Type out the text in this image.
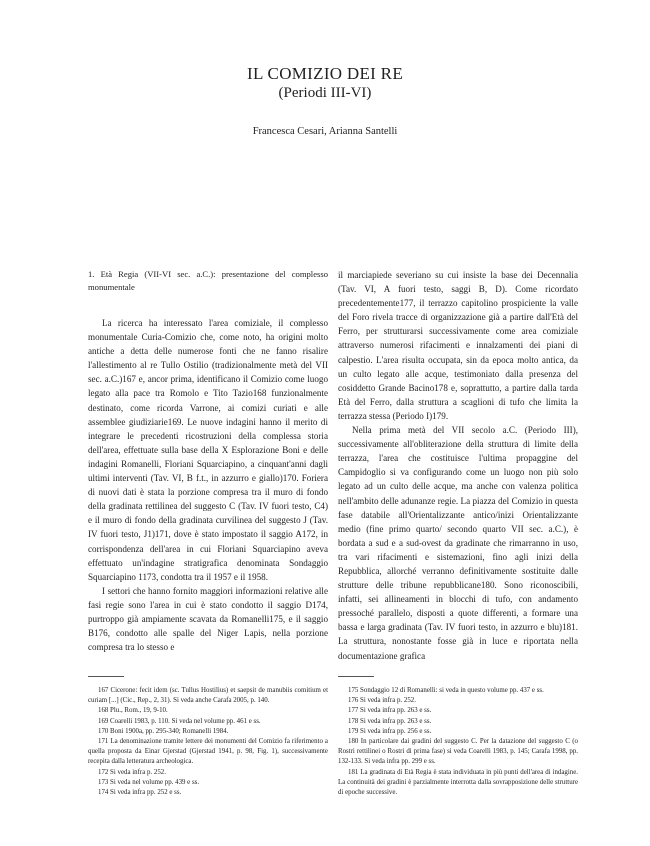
IL COMIZIO DEI RE
(Periodi III-VI)
Francesca Cesari, Arianna Santelli
1. Età Regia (VII-VI sec. a.C.): presentazione del complesso monumentale

La ricerca ha interessato l'area comiziale, il complesso monumentale Curia-Comizio che, come noto, ha origini molto antiche a detta delle numerose fonti che ne fanno risalire l'allestimento al re Tullo Ostilio (tradizionalmente metà del VII sec. a.C.)167 e, ancor prima, identificano il Comizio come luogo legato alla pace tra Romolo e Tito Tazio168 funzionalmente destinato, come ricorda Varrone, ai comizi curiati e alle assemblee giudiziarie169. Le nuove indagini hanno il merito di integrare le precedenti ricostruzioni della complessa storia dell'area, effettuate sulla base della X Esplorazione Boni e delle indagini Romanelli, Floriani Squarciapino, a cinquant'anni dagli ultimi interventi (Tav. VI, B f.t., in azzurro e giallo)170. Foriera di nuovi dati è stata la porzione compresa tra il muro di fondo della gradinata rettilinea del suggesto C (Tav. IV fuori testo, C4) e il muro di fondo della gradinata curvilinea del suggesto J (Tav. IV fuori testo, J1)171, dove è stato impostato il saggio A172, in corrispondenza dell'area in cui Floriani Squarciapino aveva effettuato un'indagine stratigrafica denominata Sondaggio Squarciapino 1173, condotta tra il 1957 e il 1958.

I settori che hanno fornito maggiori informazioni relative alle fasi regie sono l'area in cui è stato condotto il saggio D174, purtroppo già ampiamente scavata da Romanelli175, e il saggio B176, condotto alle spalle del Niger Lapis, nella porzione compresa tra lo stesso e

il marciapiede severiano su cui insiste la base dei Decennalia (Tav. VI, A fuori testo, saggi B, D). Come ricordato precedentemente177, il terrazzo capitolino prospiciente la valle del Foro rivela tracce di organizzazione già a partire dall'Età del Ferro, per strutturarsi successivamente come area comiziale attraverso numerosi rifacimenti e innalzamenti dei piani di calpestio. L'area risulta occupata, sin da epoca molto antica, da un culto legato alle acque, testimoniato dalla presenza del cosiddetto Grande Bacino178 e, soprattutto, a partire dalla tarda Età del Ferro, dalla struttura a scaglioni di tufo che limita la terrazza stessa (Periodo I)179.

Nella prima metà del VII secolo a.C. (Periodo III), successivamente all'obliterazione della struttura di limite della terrazza, l'area che costituisce l'ultima propaggine del Campidoglio si va configurando come un luogo non più solo legato ad un culto delle acque, ma anche con valenza politica nell'ambito delle adunanze regie. La piazza del Comizio in questa fase databile all'Orientalizzante antico/inizi Orientalizzante medio (fine primo quarto/ secondo quarto VII sec. a.C.), è bordata a sud e a sud-ovest da gradinate che rimarranno in uso, tra vari rifacimenti e sistemazioni, fino agli inizi della Repubblica, allorché verranno definitivamente sostituite dalle strutture delle tribune repubblicane180. Sono riconoscibili, infatti, sei allineamenti in blocchi di tufo, con andamento pressoché parallelo, disposti a quote differenti, a formare una bassa e larga gradinata (Tav. IV fuori testo, in azzurro e blu)181. La struttura, nonostante fosse già in luce e riportata nella documentazione grafica

167 Cicerone: fecit idem (sc. Tullus Hostilius) et saepsit de manubiis comitium et curiam [...] (Cic., Rep., 2, 31). Si veda anche Carafa 2005, p. 140.

168 Plu., Rom., 19, 9-10.

169 Coarelli 1983, p. 110. Si veda nel volume pp. 461 e ss.

170 Boni 1900a, pp. 295-340; Romanelli 1984.

171 La denominazione tramite lettere dei monumenti del Comizio fa riferimento a quella proposta da Einar Gjerstad (Gjerstad 1941, p. 98, Fig. 1), successivamente recepita dalla letteratura archeologica.

172 Si veda infra p. 252.

173 Si veda nel volume pp. 439 e ss.

174 Si veda infra pp. 252 e ss.

175 Sondaggio 12 di Romanelli: si veda in questo volume pp. 437 e ss.

176 Si veda infra p. 252.

177 Si veda infra pp. 263 e ss.

178 Si veda infra pp. 263 e ss.

179 Si veda infra pp. 256 e ss.

180 In particolare dai gradini del suggesto C. Per la datazione del suggesto C (o Rostri rettilinei o Rostri di prima fase) si veda Coarelli 1983, p. 145; Carafa 1998, pp. 132-133. Si veda infra pp. 299 e ss.

181 La gradinata di Età Regia è stata individuata in più punti dell'area di indagine. La continuità dei gradini è parzialmente interrotta dalla sovrapposizione delle strutture di epoche successive.
